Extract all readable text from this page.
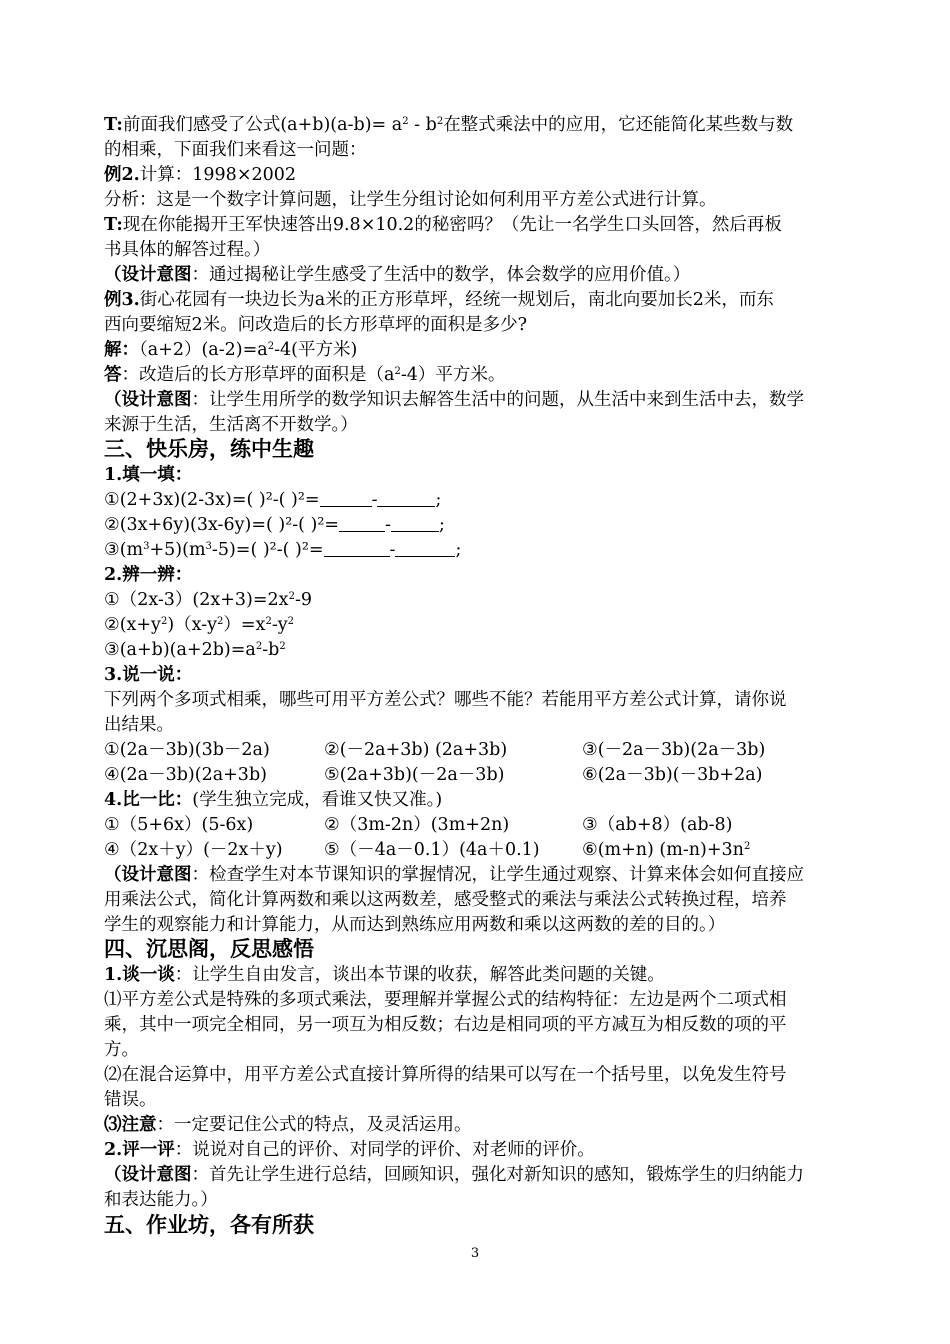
T:前面我们感受了公式$(a+b)(a-b)= a^2 - b^2$在整式乘法中的应用，它还能简化某些数与数
的相乘，下面我们来看这一问题：
例2.计算：1998×2002
分析：这是一个数字计算问题，让学生分组讨论如何利用平方差公式进行计算。
T:现在你能揭开王军快速答出9.8×10.2的秘密吗？（先让一名学生口头回答，然后再板
书具体的解答过程。）
（设计意图：通过揭秘让学生感受了生活中的数学，体会数学的应用价值。）
例3.街心花园有一块边长为a米的正方形草坪，经统一规划后，南北向要加长2米，而东
西向要缩短2米。问改造后的长方形草坪的面积是多少?
解：$(a+2)(a-2)=a^2-4$(平方米)
答：改造后的长方形草坪的面积是$(a^2-4)$平方米。
（设计意图：让学生用所学的数学知识去解答生活中的问题，从生活中来到生活中去，数学
来源于生活，生活离不开数学。）
三、快乐房，练中生趣
1.填一填：
①(2+3x)(2-3x)=( )²-( )²=	-	;
②(3x+6y)(3x-6y)=( )²-( )²=	-	;
$③(m^3+5)(m^3-5)=$( )²-( )²=	-	;
2.辨一辨：
$①(2x-3)(2x+3)=2x^2-9$
$②(x+y^2)(x-y^2)=x^2-y^2$
$③(a+b)(a+2b)=a^2-b^2$
3.说一说：
下列两个多项式相乘，哪些可用平方差公式？哪些不能？若能用平方差公式计算，请你说
出结果。
①(2a－3b)(3b－2a)	②(－2a+3b) (2a+3b)	③(－2a－3b)(2a－3b)
④(2a－3b)(2a+3b)	⑤(2a+3b)(－2a－3b)	⑥(2a－3b)(－3b+2a)
4.比一比：(学生独立完成，看谁又快又准。)
①（5+6x）(5-6x)	②（3m-2n）(3m+2n)	③（ab+8）(ab-8)
④（2x＋y）(－2x＋y) ⑤（－4a－0.1）(4a＋0.1) ⑥(m+n) $(m-n)+3n^2$
（设计意图：检查学生对本节课知识的掌握情况，让学生通过观察、计算来体会如何直接应
用乘法公式，简化计算两数和乘以这两数差，感受整式的乘法与乘法公式转换过程，培养
学生的观察能力和计算能力，从而达到熟练应用两数和乘以这两数的差的目的。）
四、沉思阁，反思感悟
1.谈一谈：让学生自由发言，谈出本节课的收获，解答此类问题的关键。
⑴平方差公式是特殊的多项式乘法，要理解并掌握公式的结构特征：左边是两个二项式相
乘，其中一项完全相同，另一项互为相反数；右边是相同项的平方减互为相反数的项的平
方。
⑵在混合运算中，用平方差公式直接计算所得的结果可以写在一个括号里，以免发生符号
错误。
⑶注意：一定要记住公式的特点，及灵活运用。
2.评一评：说说对自己的评价、对同学的评价、对老师的评价。
（设计意图：首先让学生进行总结，回顾知识，强化对新知识的感知，锻炼学生的归纳能力
和表达能力。）
五、作业坊，各有所获
3
